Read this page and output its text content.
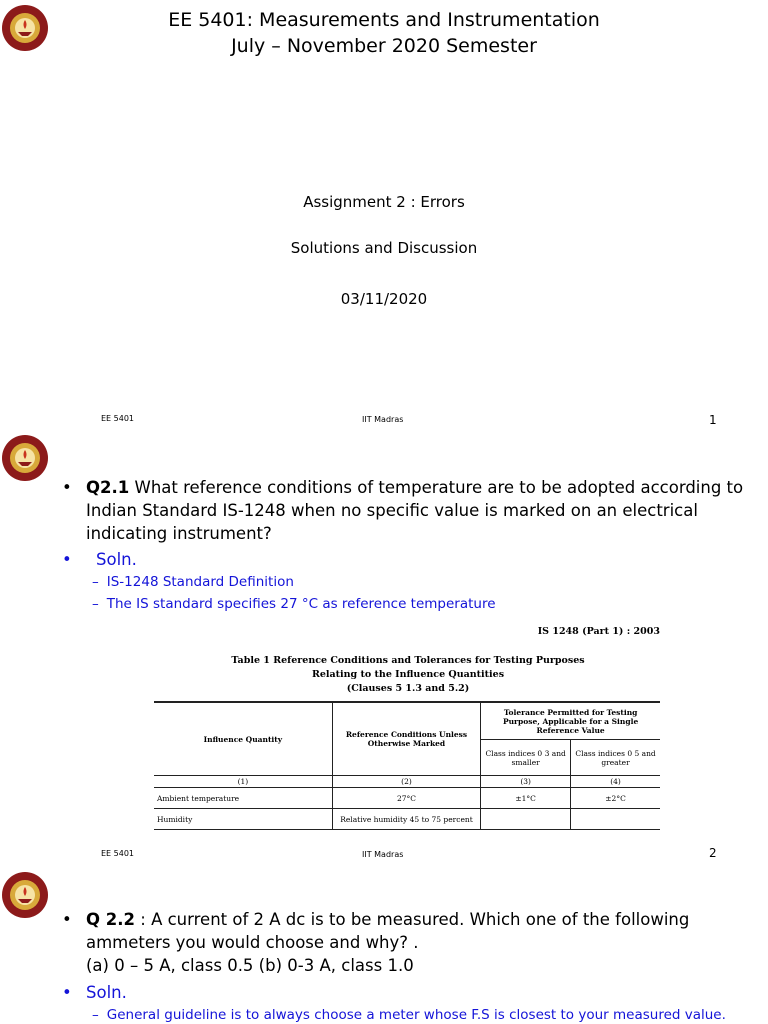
EE 5401: Measurements and Instrumentation
July – November 2020 Semester
Assignment 2 : Errors
Solutions and Discussion
03/11/2020
EE 5401	IIT Madras	1
• Q2.1 What reference conditions of temperature are to be adopted according to Indian Standard IS-1248 when no specific value is marked on an electrical indicating instrument?
• Soln.
– IS-1248 Standard Definition
– The IS standard specifies 27 °C as reference temperature
IS 1248 (Part 1) : 2003
Table 1 Reference Conditions and Tolerances for Testing Purposes
Relating to the Influence Quantities
(Clauses 5 1.3 and 5.2)
Influence Quantity	Reference Conditions Unless Otherwise Marked	Tolerance Permitted for Testing Purpose, Applicable for a Single Reference Value	
		Class indices 0 3 and smaller	Class indices 0 5 and greater
(1)	(2)	(3)	(4)
Ambient temperature	27°C	±1°C	±2°C
Humidity	Relative humidity 45 to 75 percent		
EE 5401	IIT Madras	2
• Q 2.2 : A current of 2 A dc is to be measured. Which one of the following ammeters you would choose and why? .
(a) 0 – 5 A, class 0.5 (b) 0-3 A, class 1.0
• Soln.
– General guideline is to always choose a meter whose F.S is closest to your measured value.
